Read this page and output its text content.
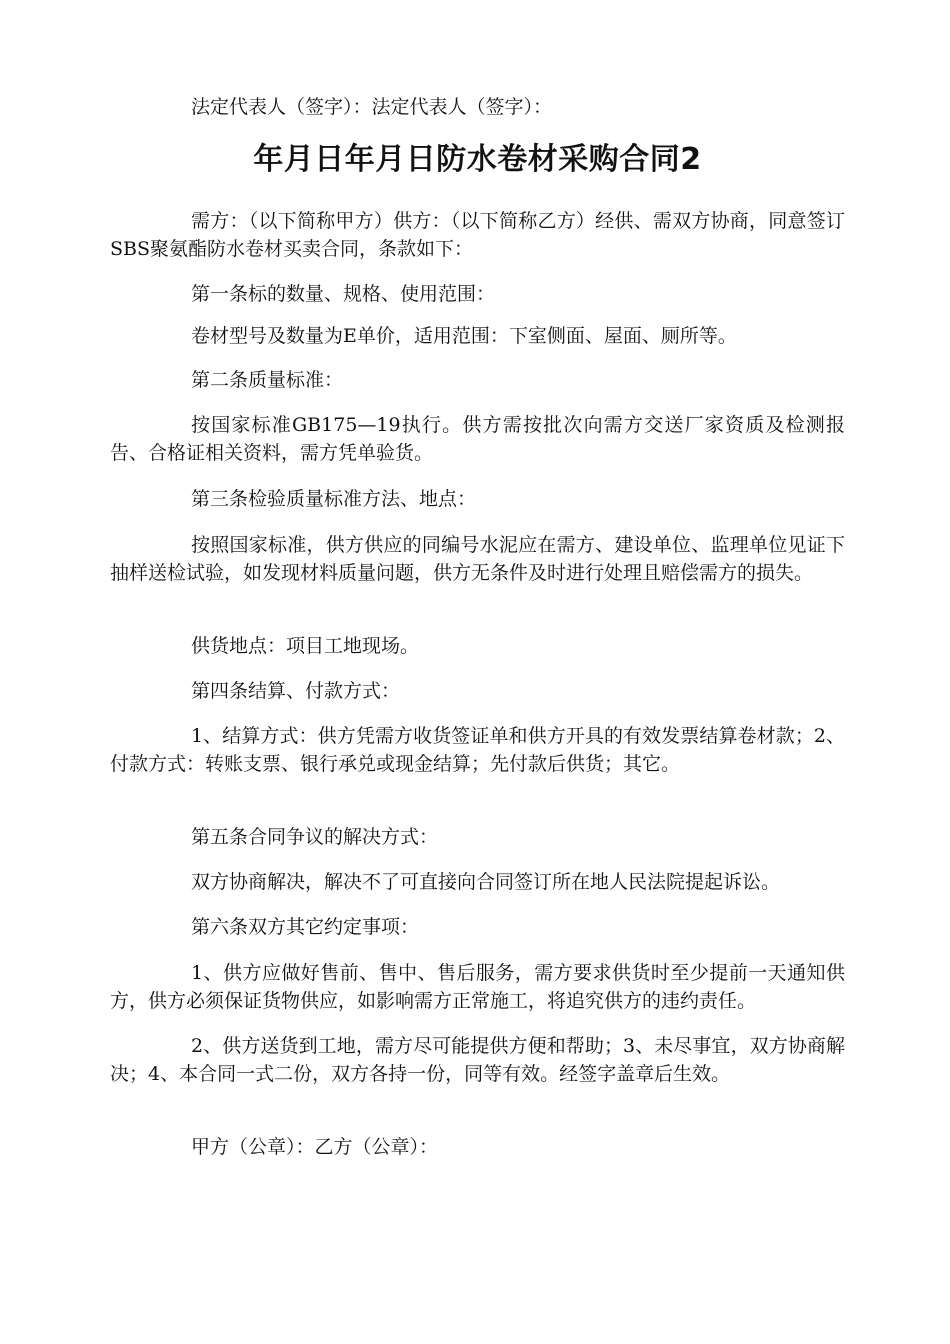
法定代表人（签字）：法定代表人（签字）：
年月日年月日防水卷材采购合同2
需方：（以下简称甲方）供方：（以下简称乙方）经供、需双方协商，同意签订SBS聚氨酯防水卷材买卖合同，条款如下：
第一条标的数量、规格、使用范围：
卷材型号及数量为E单价，适用范围：下室侧面、屋面、厕所等。
第二条质量标准：
按国家标准GB175—19执行。供方需按批次向需方交送厂家资质及检测报告、合格证相关资料，需方凭单验货。
第三条检验质量标准方法、地点：
按照国家标准，供方供应的同编号水泥应在需方、建设单位、监理单位见证下抽样送检试验，如发现材料质量问题，供方无条件及时进行处理且赔偿需方的损失。
供货地点：项目工地现场。
第四条结算、付款方式：
1、结算方式：供方凭需方收货签证单和供方开具的有效发票结算卷材款；2、付款方式：转账支票、银行承兑或现金结算；先付款后供货；其它。
第五条合同争议的解决方式：
双方协商解决，解决不了可直接向合同签订所在地人民法院提起诉讼。
第六条双方其它约定事项：
1、供方应做好售前、售中、售后服务，需方要求供货时至少提前一天通知供方，供方必须保证货物供应，如影响需方正常施工，将追究供方的违约责任。
2、供方送货到工地，需方尽可能提供方便和帮助；3、未尽事宜，双方协商解决；4、本合同一式二份，双方各持一份，同等有效。经签字盖章后生效。
甲方（公章）：乙方（公章）：
